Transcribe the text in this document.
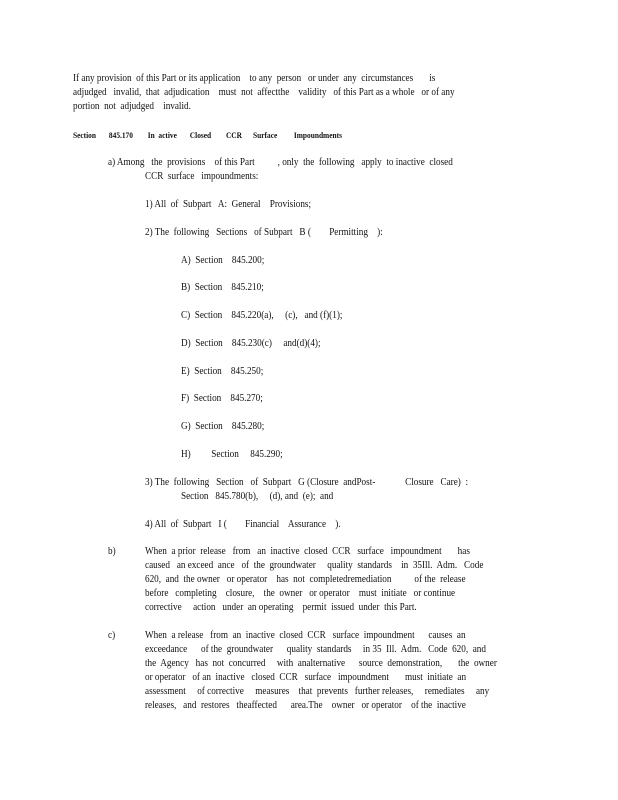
If any provision  of this Part or its application    to any  person   or under  any  circumstances       is
adjudged   invalid,  that  adjudication    must  not  affectthe    validity   of this Part as a whole   or of any
portion  not  adjudged    invalid.
Section       845.170        In  active       Closed        CCR      Surface         Impoundments
a) Among   the  provisions    of this Part          , only  the  following   apply  to inactive  closed
CCR  surface   impoundments:
1) All  of  Subpart   A:  General    Provisions;
2) The  following   Sections   of Subpart   B (        Permitting    ):
A)  Section    845.200;
B)  Section    845.210;
C)  Section    845.220(a),     (c),   and (f)(1);
D)  Section    845.230(c)     and(d)(4);
E)  Section    845.250;
F)  Section    845.270;
G)  Section    845.280;
H)         Section     845.290;
3) The  following   Section   of  Subpart   G (Closure  andPost-             Closure   Care)  :
Section   845.780(b),     (d), and  (e);  and
4) All  of  Subpart   I (        Financial    Assurance    ).
b)	When  a prior  release   from   an  inactive  closed  CCR   surface   impoundment       has
caused   an exceed  ance   of  the  groundwater     quality  standards    in  35Ill.  Adm.   Code
620,  and  the owner   or operator    has  not  completedremediation          of the  release
before   completing    closure,    the  owner   or operator    must  initiate   or continue
corrective     action   under  an operating    permit  issued  under  this Part.
c)	When  a release   from  an  inactive  closed  CCR   surface  impoundment      causes  an
exceedance      of the  groundwater      quality  standards     in 35  Ill.  Adm.   Code  620,  and
the  Agency   has  not  concurred     with  analternative      source  demonstration,       the  owner
or operator   of an  inactive   closed  CCR   surface   impoundment       must  initiate  an
assessment     of corrective     measures    that  prevents   further releases,     remediates     any
releases,   and  restores   theaffected      area.The    owner   or operator    of the  inactive
